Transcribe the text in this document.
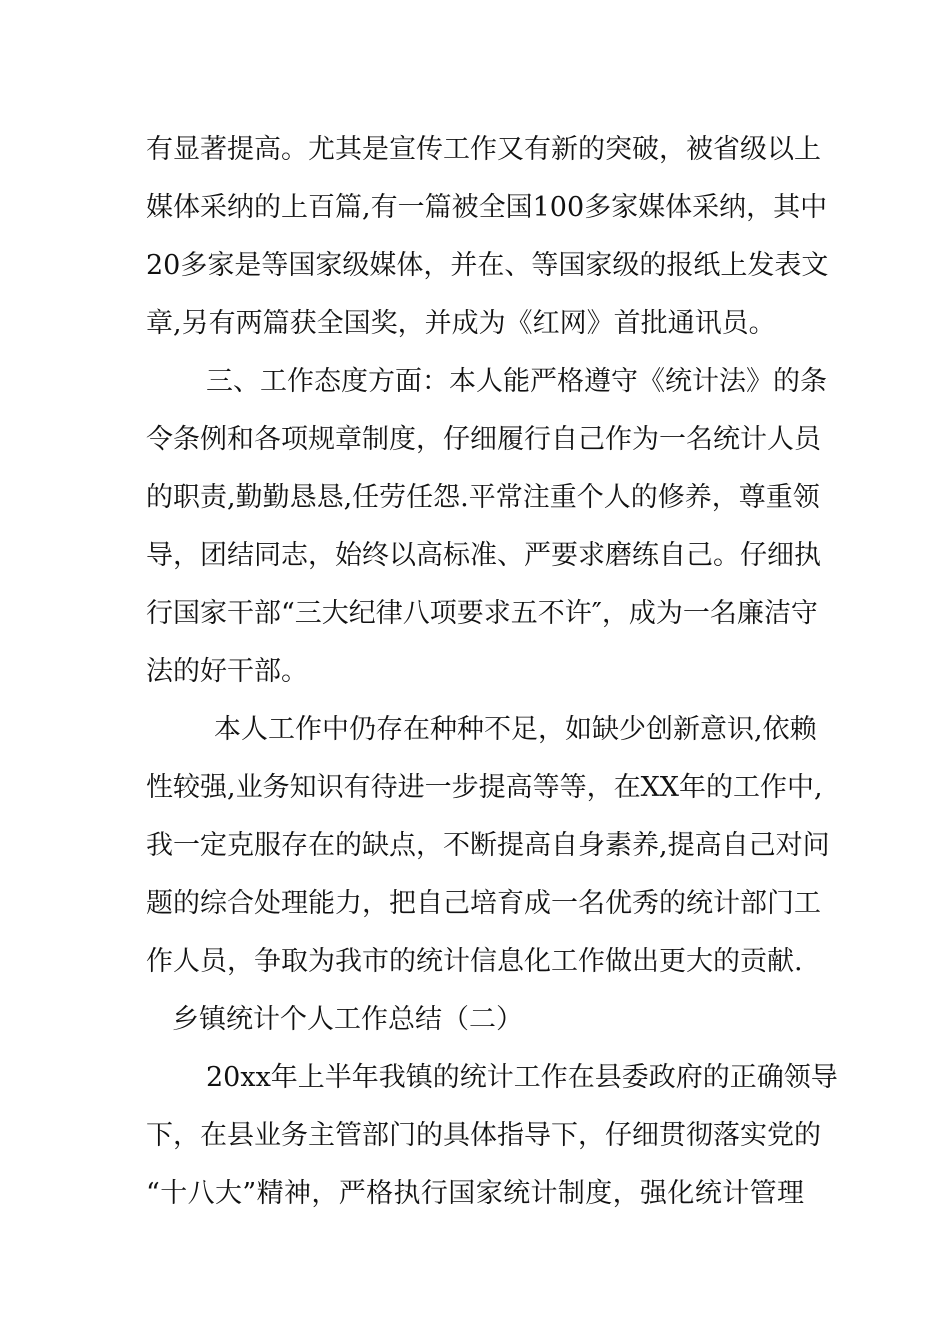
有显著提高。尤其是宣传工作又有新的突破，被省级以上
媒体采纳的上百篇,有一篇被全国100多家媒体采纳，其中
20多家是等国家级媒体，并在、等国家级的报纸上发表文
章,另有两篇获全国奖，并成为《红网》首批通讯员。
三、工作态度方面：本人能严格遵守《统计法》的条
令条例和各项规章制度，仔细履行自己作为一名统计人员
的职责,勤勤恳恳,任劳任怨.平常注重个人的修养，尊重领
导，团结同志，始终以高标准、严要求磨练自己。仔细执
行国家干部“三大纪律八项要求五不许″，成为一名廉洁守
法的好干部。
本人工作中仍存在种种不足，如缺少创新意识,依赖
性较强,业务知识有待进一步提高等等，在XX年的工作中,
我一定克服存在的缺点，不断提高自身素养,提高自己对问
题的综合处理能力，把自己培育成一名优秀的统计部门工
作人员，争取为我市的统计信息化工作做出更大的贡献.
乡镇统计个人工作总结（二）
20xx年上半年我镇的统计工作在县委政府的正确领导
下，在县业务主管部门的具体指导下，仔细贯彻落实党的
“十八大”精神，严格执行国家统计制度，强化统计管理
